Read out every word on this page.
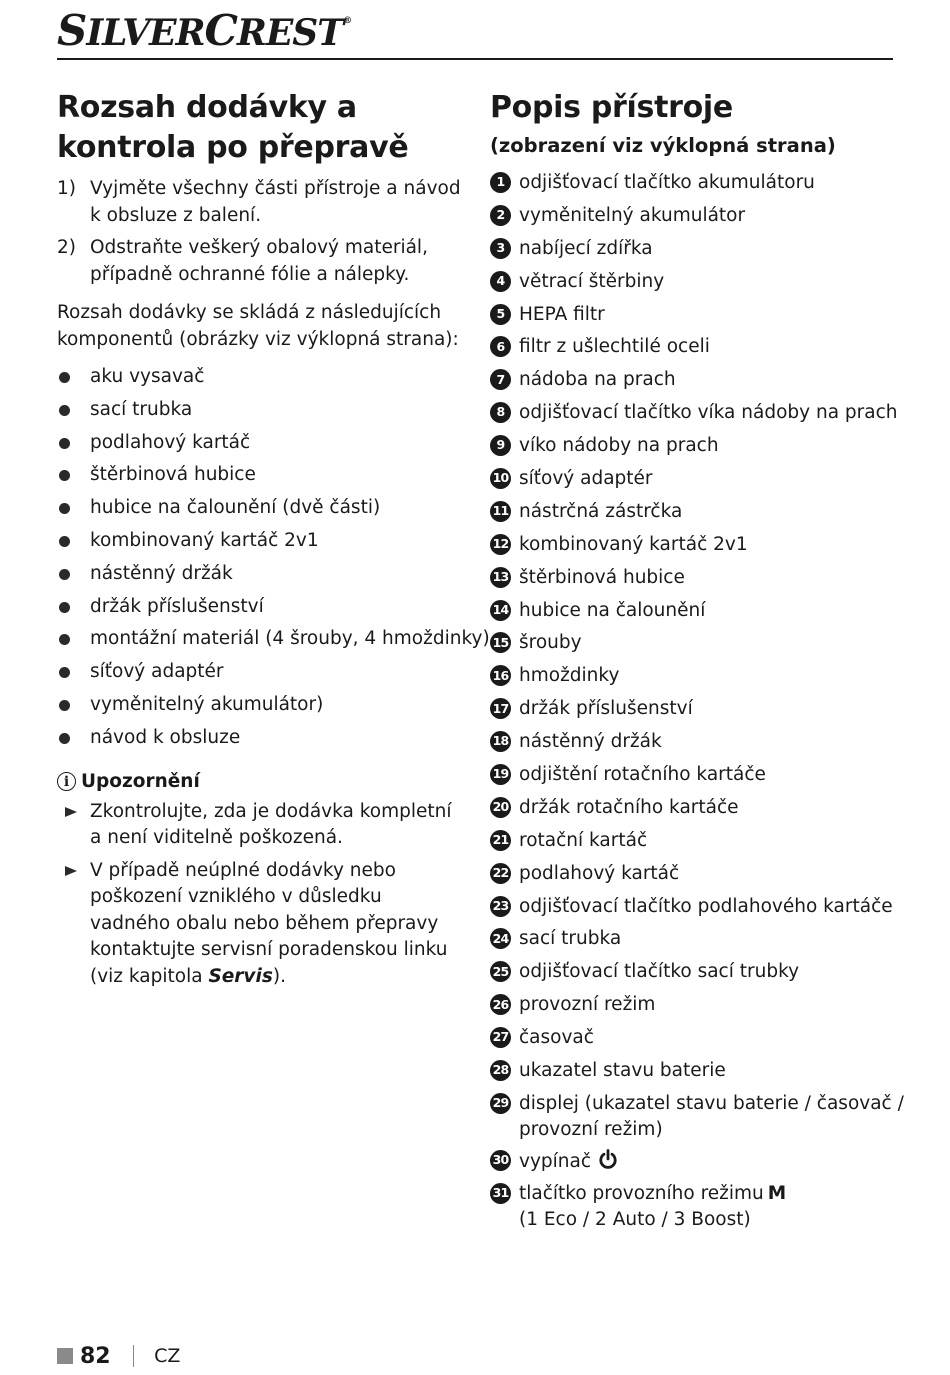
SILVERCREST®
Rozsah dodávky a
kontrola po přepravě
1) Vyjměte všechny části přístroje a návod k obsluze z balení.
2) Odstraňte veškerý obalový materiál, případně ochranné fólie a nálepky.
Rozsah dodávky se skládá z následujících komponentů (obrázky viz výklopná strana):
aku vysavač
sací trubka
podlahový kartáč
štěrbinová hubice
hubice na čalounění (dvě části)
kombinovaný kartáč 2v1
nástěnný držák
držák příslušenství
montážní materiál (4 šrouby, 4 hmoždinky)
síťový adaptér
vyměnitelný akumulátor)
návod k obsluze
i Upozornění
Zkontrolujte, zda je dodávka kompletní a není viditelně poškozená.
V případě neúplné dodávky nebo poškození vzniklého v důsledku vadného obalu nebo během přepravy kontaktujte servisní poradenskou linku (viz kapitola Servis).
Popis přístroje
(zobrazení viz výklopná strana)
1 odjišťovací tlačítko akumulátoru
2 vyměnitelný akumulátor
3 nabíjecí zdířka
4 větrací štěrbiny
5 HEPA filtr
6 filtr z ušlechtilé oceli
7 nádoba na prach
8 odjišťovací tlačítko víka nádoby na prach
9 víko nádoby na prach
10 síťový adaptér
11 nástrčná zástrčka
12 kombinovaný kartáč 2v1
13 štěrbinová hubice
14 hubice na čalounění
15 šrouby
16 hmoždinky
17 držák příslušenství
18 nástěnný držák
19 odjištění rotačního kartáče
20 držák rotačního kartáče
21 rotační kartáč
22 podlahový kartáč
23 odjišťovací tlačítko podlahového kartáče
24 sací trubka
25 odjišťovací tlačítko sací trubky
26 provozní režim
27 časovač
28 ukazatel stavu baterie
29 displej (ukazatel stavu baterie / časovač / provozní režim)
30 vypínač
31 tlačítko provozního režimu M
(1 Eco / 2 Auto / 3 Boost)
82 CZ
